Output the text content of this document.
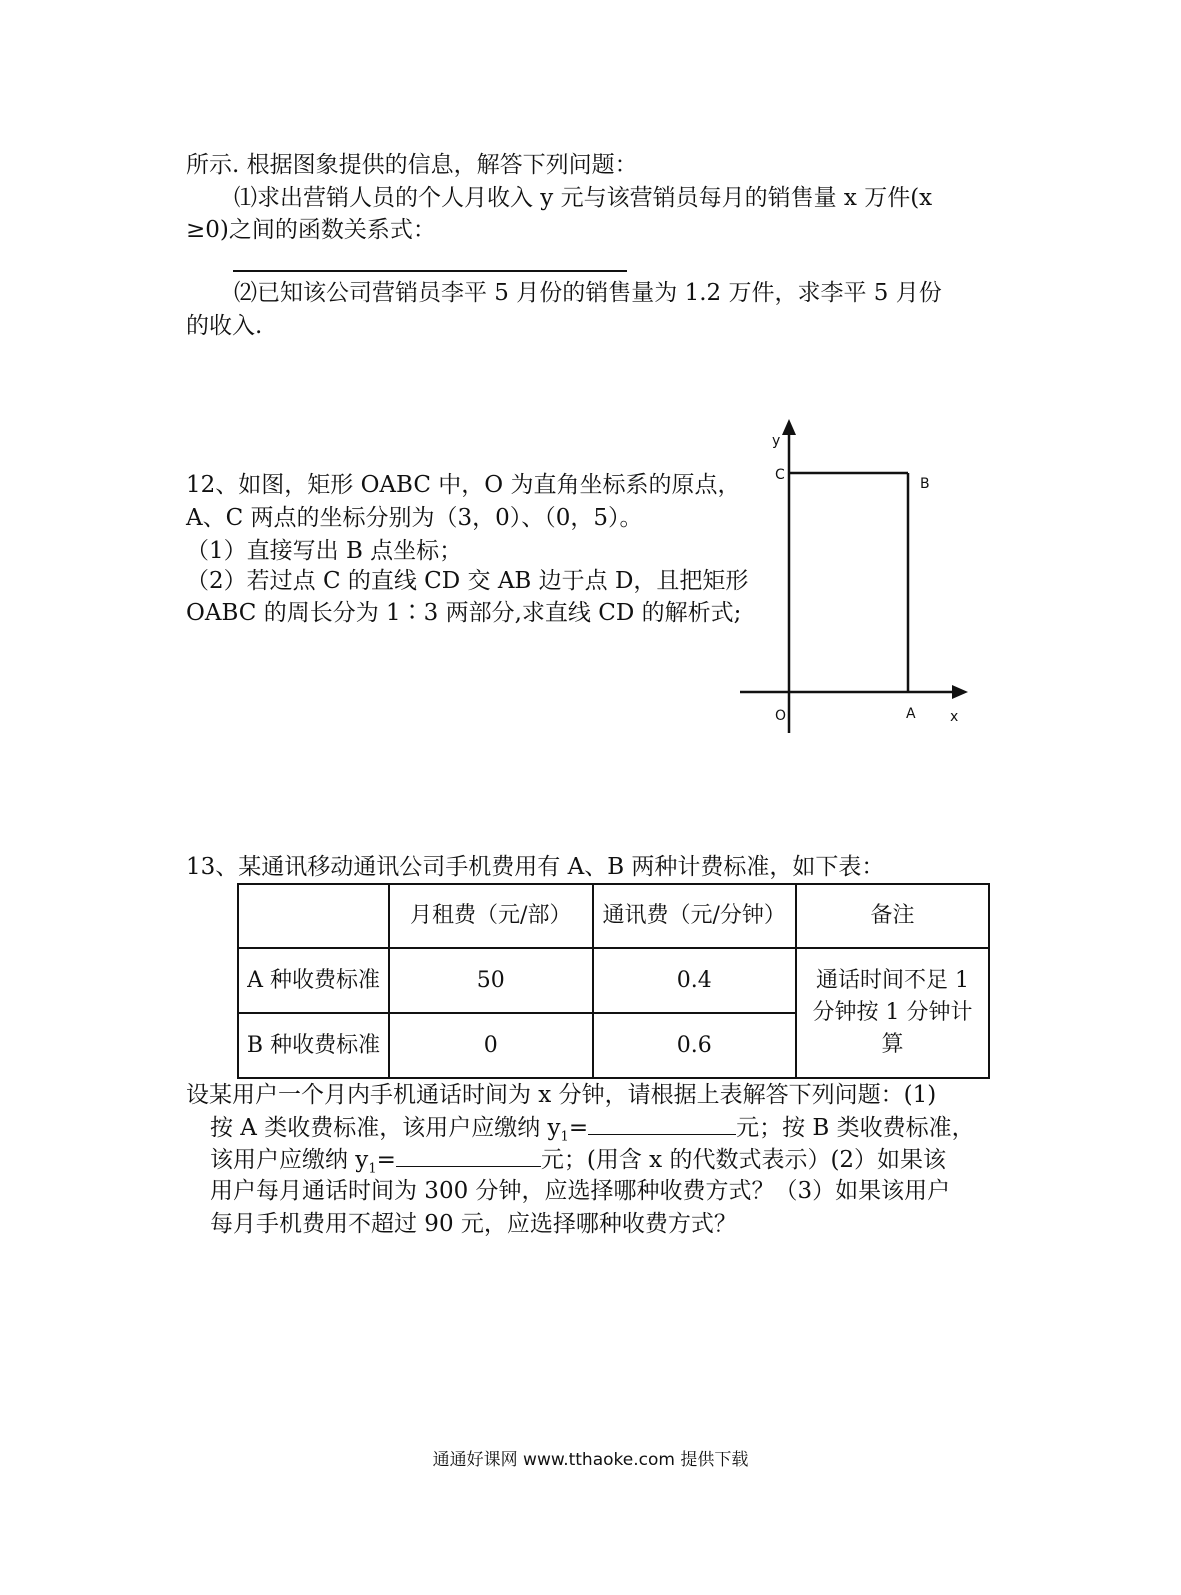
所示. 根据图象提供的信息，解答下列问题：
⑴求出营销人员的个人月收入 y 元与该营销员每月的销售量 x 万件(x
≥0)之间的函数关系式：
⑵已知该公司营销员李平 5 月份的销售量为 1.2 万件，求李平 5 月份
的收入.
12、如图，矩形 OABC 中，O 为直角坐标系的原点，
A、C 两点的坐标分别为（3，0）、（0，5）。
（1）直接写出 B 点坐标；
（2）若过点 C 的直线 CD 交 AB 边于点 D，且把矩形
OABC 的周长分为 1∶3 两部分,求直线 CD 的解析式;
y
C
B
O	A x
13、某通讯移动通讯公司手机费用有 A、B 两种计费标准，如下表：
	月租费（元/部）	通讯费（元/分钟）	备注
A 种收费标准	50	0.4	通话时间不足 1 分钟按 1 分钟计算
B 种收费标准	0	0.6	
设某用户一个月内手机通话时间为 x 分钟，请根据上表解答下列问题：(1)
按 A 类收费标准，该用户应缴纳 $y_1=$	元；按 B 类收费标准，
该用户应缴纳 $y_1=$	元；(用含 x 的代数式表示）(2）如果该
用户每月通话时间为 300 分钟，应选择哪种收费方式？（3）如果该用户
每月手机费用不超过 90 元，应选择哪种收费方式？
通通好课网 www.tthaoke.com 提供下载
